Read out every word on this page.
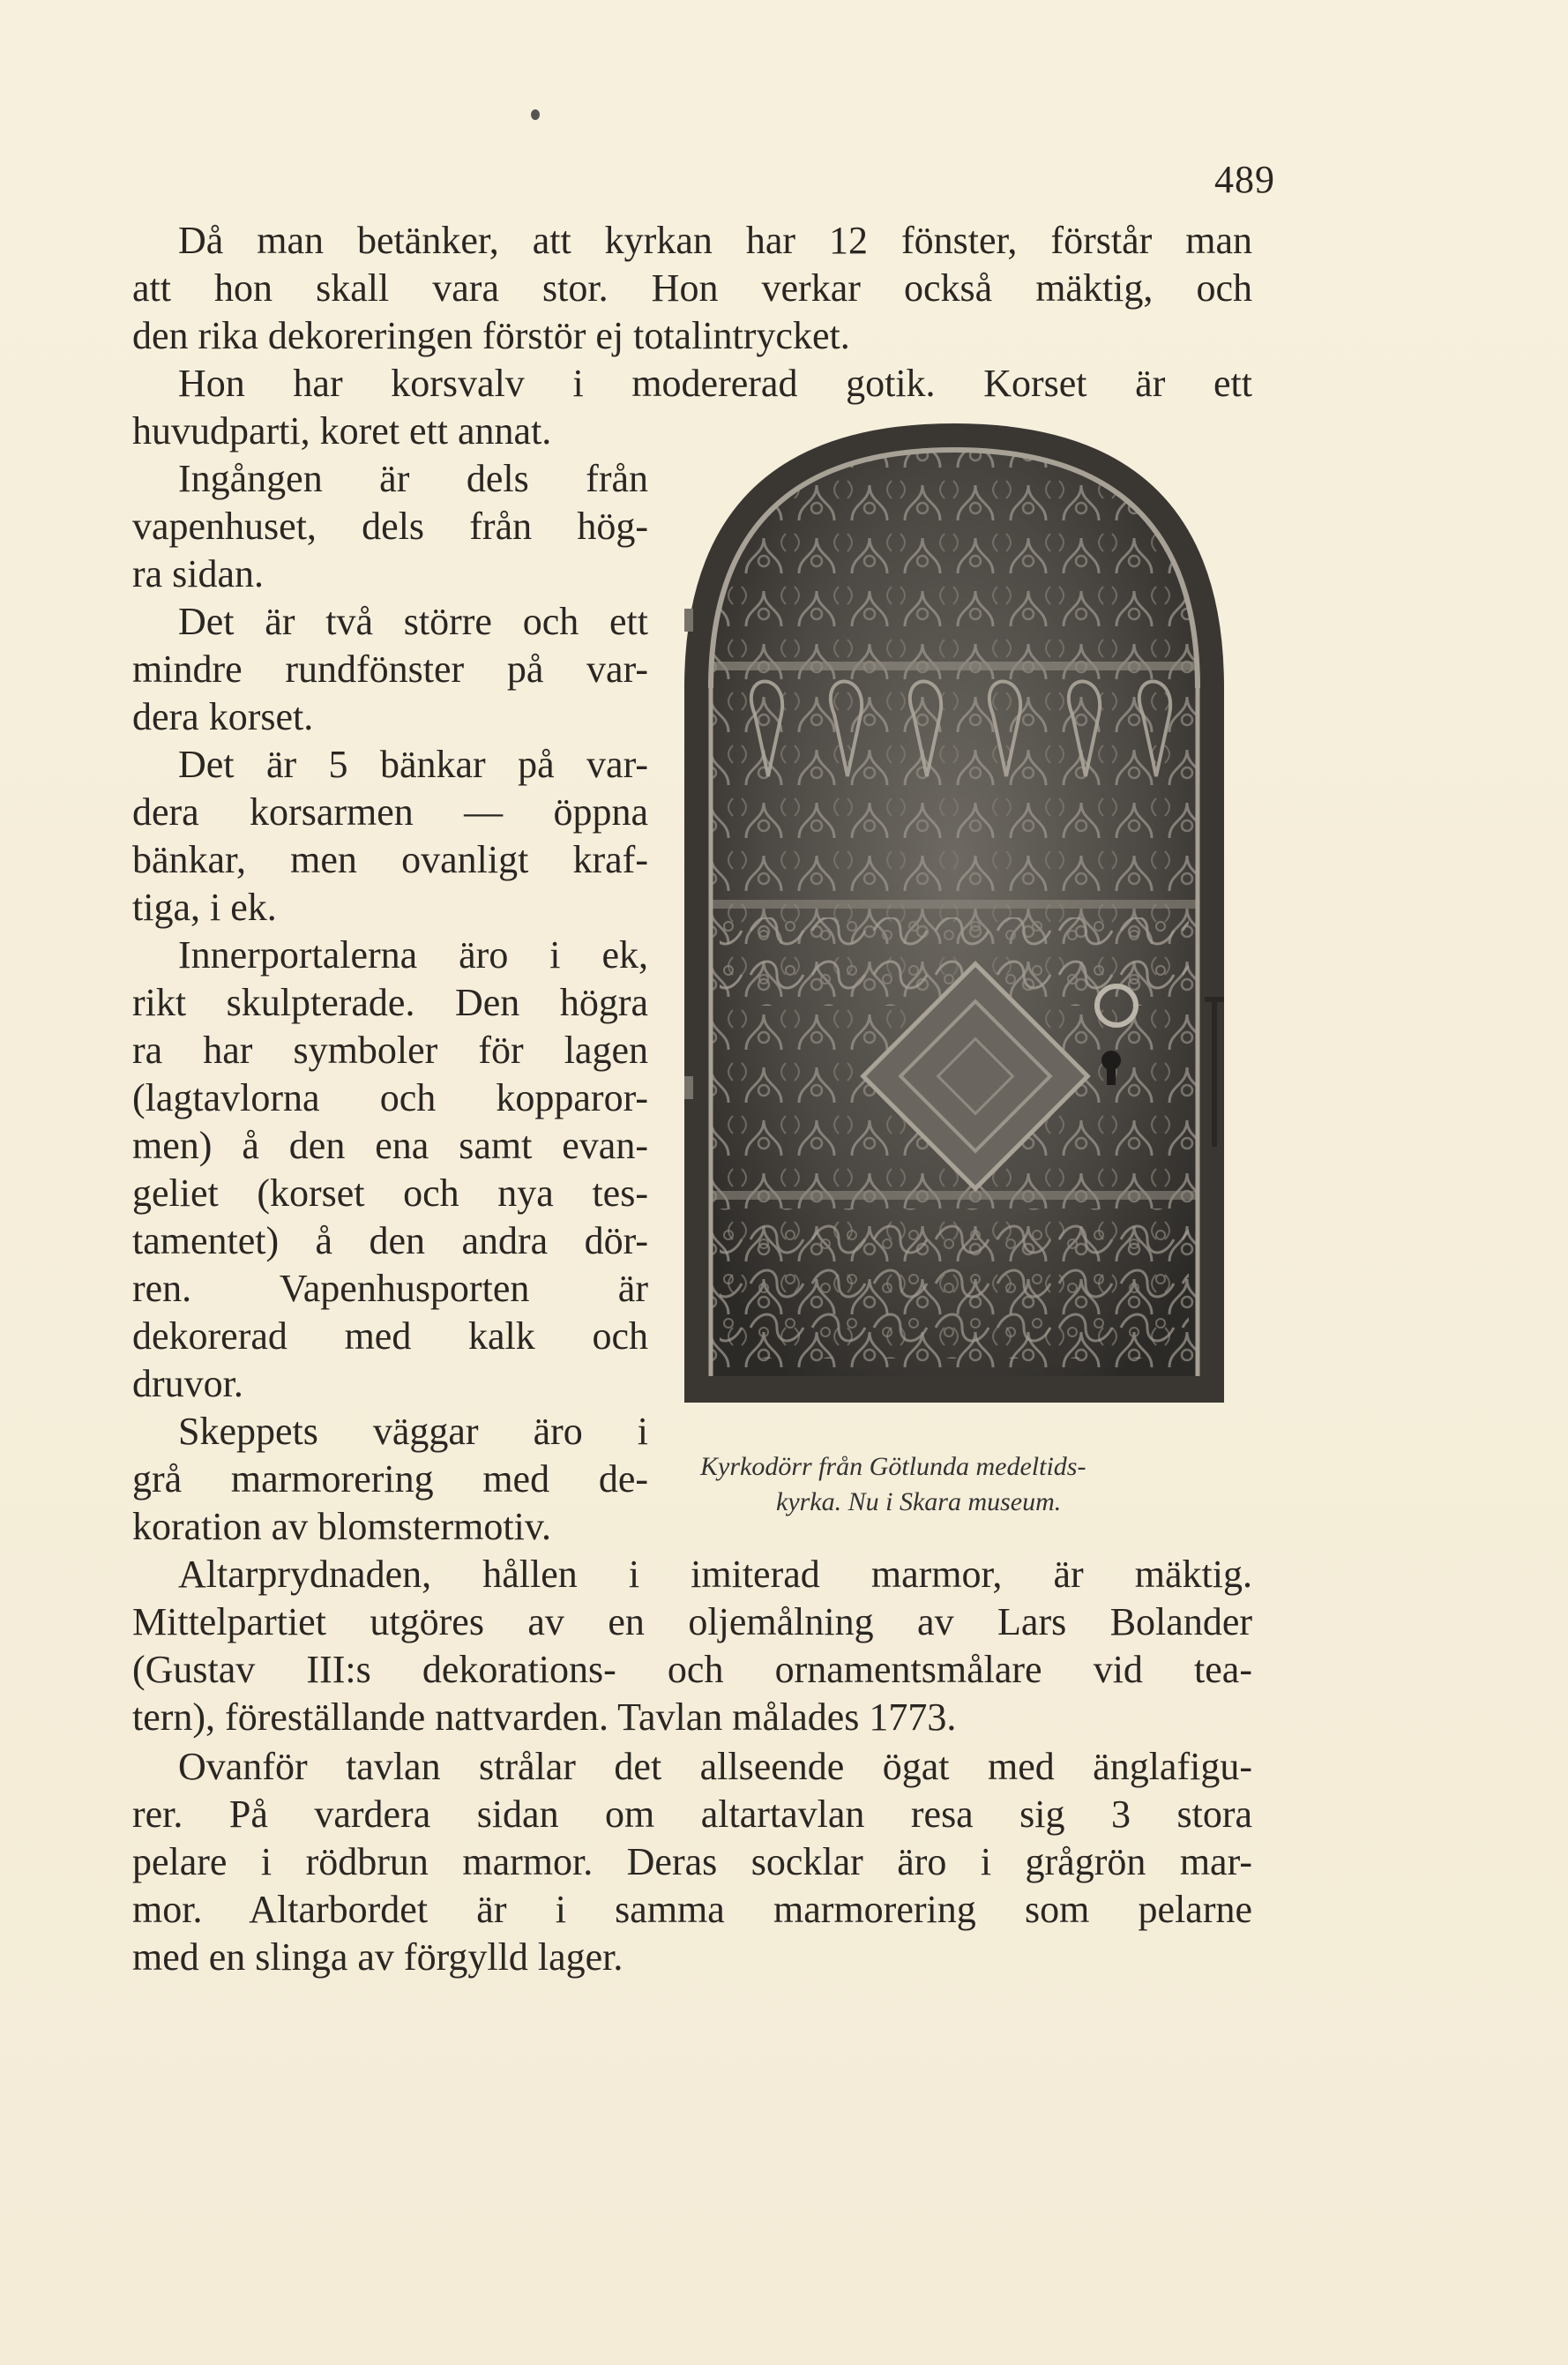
489
Då man betänker, att kyrkan har 12 fönster, förstår man
att hon skall vara stor. Hon verkar också mäktig, och
den rika dekoreringen förstör ej totalintrycket.
Hon har korsvalv i modererad gotik. Korset är ett
huvudparti, koret ett annat.
Ingången är dels från
vapenhuset, dels från hög-
ra sidan.
Det är två större och ett
mindre rundfönster på var-
dera korset.
Det är 5 bänkar på var-
dera korsarmen — öppna
bänkar, men ovanligt kraf-
tiga, i ek.
Innerportalerna äro i ek,
rikt skulpterade. Den högra
ra har symboler för lagen
(lagtavlorna och kopparor-
men) å den ena samt evan-
geliet (korset och nya tes-
tamentet) å den andra dör-
ren. Vapenhusporten är
dekorerad med kalk och
druvor.
Skeppets väggar äro i
grå marmorering med de-
koration av blomstermotiv.
Altarprydnaden, hållen i imiterad marmor, är mäktig.
Mittelpartiet utgöres av en oljemålning av Lars Bolander
(Gustav III:s dekorations- och ornamentsmålare vid tea-
tern), föreställande nattvarden. Tavlan målades 1773.
Ovanför tavlan strålar det allseende ögat med änglafigu-
rer. På vardera sidan om altartavlan resa sig 3 stora
pelare i rödbrun marmor. Deras socklar äro i grågrön mar-
mor. Altarbordet är i samma marmorering som pelarne
med en slinga av förgylld lager.
Kyrkodörr från Götlunda medeltids-
kyrka. Nu i Skara museum.
